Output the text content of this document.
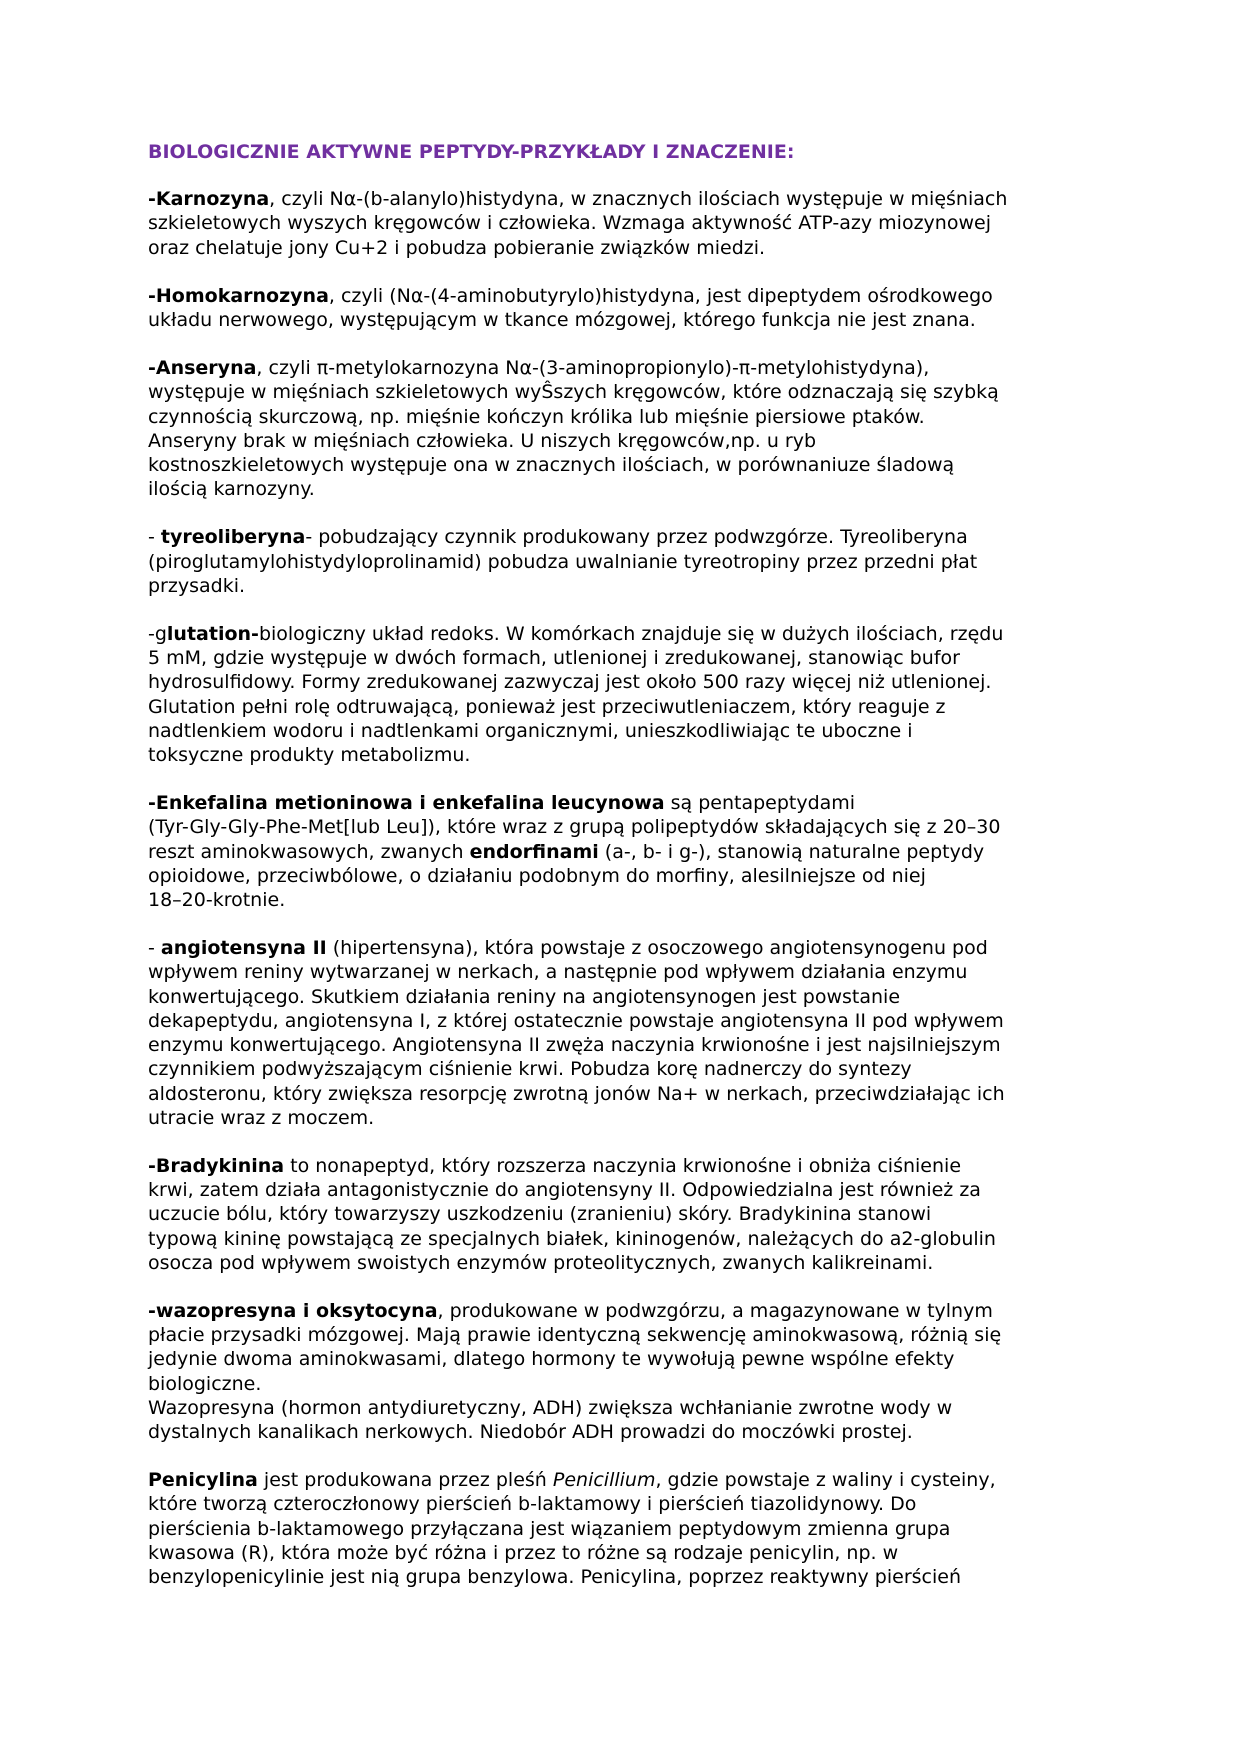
BIOLOGICZNIE AKTYWNE PEPTYDY-PRZYKŁADY I ZNACZENIE:
-Karnozyna, czyli Nα-(b-alanylo)histydyna, w znacznych ilościach występuje w mięśniach
szkieletowych wyszych kręgowców i człowieka. Wzmaga aktywność ATP-azy miozynowej
oraz chelatuje jony Cu+2 i pobudza pobieranie związków miedzi.
-Homokarnozyna, czyli (Nα-(4-aminobutyrylo)histydyna, jest dipeptydem ośrodkowego
układu nerwowego, występującym w tkance mózgowej, którego funkcja nie jest znana.
-Anseryna, czyli π-metylokarnozyna Nα-(3-aminopropionylo)-π-metylohistydyna),
występuje w mięśniach szkieletowych wyŜszych kręgowców, które odznaczają się szybką
czynnością skurczową, np. mięśnie kończyn królika lub mięśnie piersiowe ptaków.
Anseryny brak w mięśniach człowieka. U niszych kręgowców,np. u ryb
kostnoszkieletowych występuje ona w znacznych ilościach, w porównaniuze śladową
ilością karnozyny.
- tyreoliberyna- pobudzający czynnik produkowany przez podwzgórze. Tyreoliberyna
(piroglutamylohistydyloprolinamid) pobudza uwalnianie tyreotropiny przez przedni płat
przysadki.
-glutation-biologiczny układ redoks. W komórkach znajduje się w dużych ilościach, rzędu
5 mM, gdzie występuje w dwóch formach, utlenionej i zredukowanej, stanowiąc bufor
hydrosulfidowy. Formy zredukowanej zazwyczaj jest około 500 razy więcej niż utlenionej.
Glutation pełni rolę odtruwającą, ponieważ jest przeciwutleniaczem, który reaguje z
nadtlenkiem wodoru i nadtlenkami organicznymi, unieszkodliwiając te uboczne i
toksyczne produkty metabolizmu.
-Enkefalina metioninowa i enkefalina leucynowa są pentapeptydami
(Tyr-Gly-Gly-Phe-Met[lub Leu]), które wraz z grupą polipeptydów składających się z 20–30
reszt aminokwasowych, zwanych endorfinami (a-, b- i g-), stanowią naturalne peptydy
opioidowe, przeciwbólowe, o działaniu podobnym do morfiny, alesilniejsze od niej
18–20-krotnie.
- angiotensyna II (hipertensyna), która powstaje z osoczowego angiotensynogenu pod
wpływem reniny wytwarzanej w nerkach, a następnie pod wpływem działania enzymu
konwertującego. Skutkiem działania reniny na angiotensynogen jest powstanie
dekapeptydu, angiotensyna I, z której ostatecznie powstaje angiotensyna II pod wpływem
enzymu konwertującego. Angiotensyna II zwęża naczynia krwionośne i jest najsilniejszym
czynnikiem podwyższającym ciśnienie krwi. Pobudza korę nadnerczy do syntezy
aldosteronu, który zwiększa resorpcję zwrotną jonów Na+ w nerkach, przeciwdziałając ich
utracie wraz z moczem.
-Bradykinina to nonapeptyd, który rozszerza naczynia krwionośne i obniża ciśnienie
krwi, zatem działa antagonistycznie do angiotensyny II. Odpowiedzialna jest również za
uczucie bólu, który towarzyszy uszkodzeniu (zranieniu) skóry. Bradykinina stanowi
typową kininę powstającą ze specjalnych białek, kininogenów, należących do a2-globulin
osocza pod wpływem swoistych enzymów proteolitycznych, zwanych kalikreinami.
-wazopresyna i oksytocyna, produkowane w podwzgórzu, a magazynowane w tylnym
płacie przysadki mózgowej. Mają prawie identyczną sekwencję aminokwasową, różnią się
jedynie dwoma aminokwasami, dlatego hormony te wywołują pewne wspólne efekty
biologiczne.
Wazopresyna (hormon antydiuretyczny, ADH) zwiększa wchłanianie zwrotne wody w
dystalnych kanalikach nerkowych. Niedobór ADH prowadzi do moczówki prostej.
Penicylina jest produkowana przez pleśń Penicillium, gdzie powstaje z waliny i cysteiny,
które tworzą czteroczłonowy pierścień b-laktamowy i pierścień tiazolidynowy. Do
pierścienia b-laktamowego przyłączana jest wiązaniem peptydowym zmienna grupa
kwasowa (R), która może być różna i przez to różne są rodzaje penicylin, np. w
benzylopenicylinie jest nią grupa benzylowa. Penicylina, poprzez reaktywny pierścień
